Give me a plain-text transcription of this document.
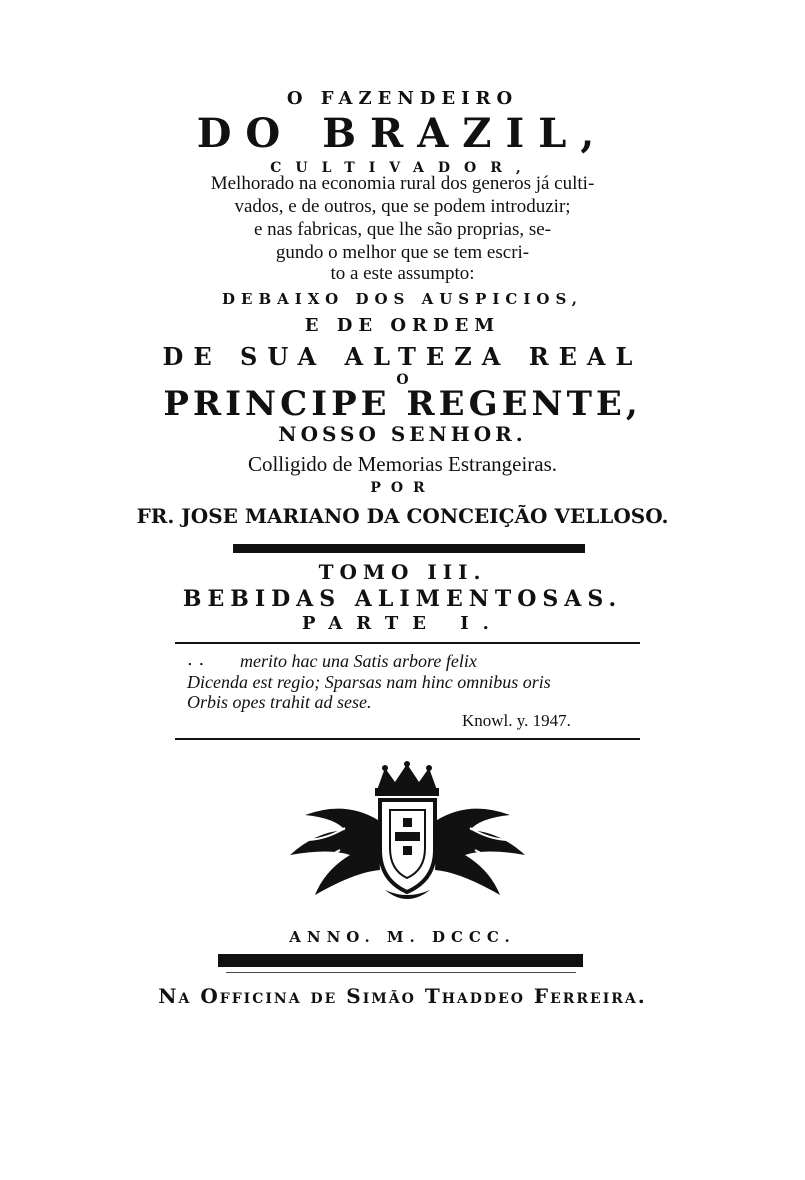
O FAZENDEIRO
DO BRAZIL,
CULTIVADOR,
Melhorado na economia rural dos generos já culti-
vados, e de outros, que se podem introduzir;
e nas fabricas, que lhe são proprias, se-
gundo o melhor que se tem escri-
to a este assumpto:
DEBAIXO DOS AUSPICIOS,
E DE ORDEM
DE SUA ALTEZA REAL
O
PRINCIPE REGENTE,
NOSSO SENHOR.
Colligido de Memorias Estrangeiras.
POR
FR. JOSE MARIANO DA CONCEIÇÃO VELLOSO.
TOMO III.
BEBIDAS ALIMENTOSAS.
PARTE I.
. . merito hac una Satis arbore felix
Dicenda est regio; Sparsas nam hinc omnibus oris
Orbis opes trahit ad sese.
Knowl. y. 1947.
ANNO. M. DCCC.
Na Officina de Simão Thaddeo Ferreira.
